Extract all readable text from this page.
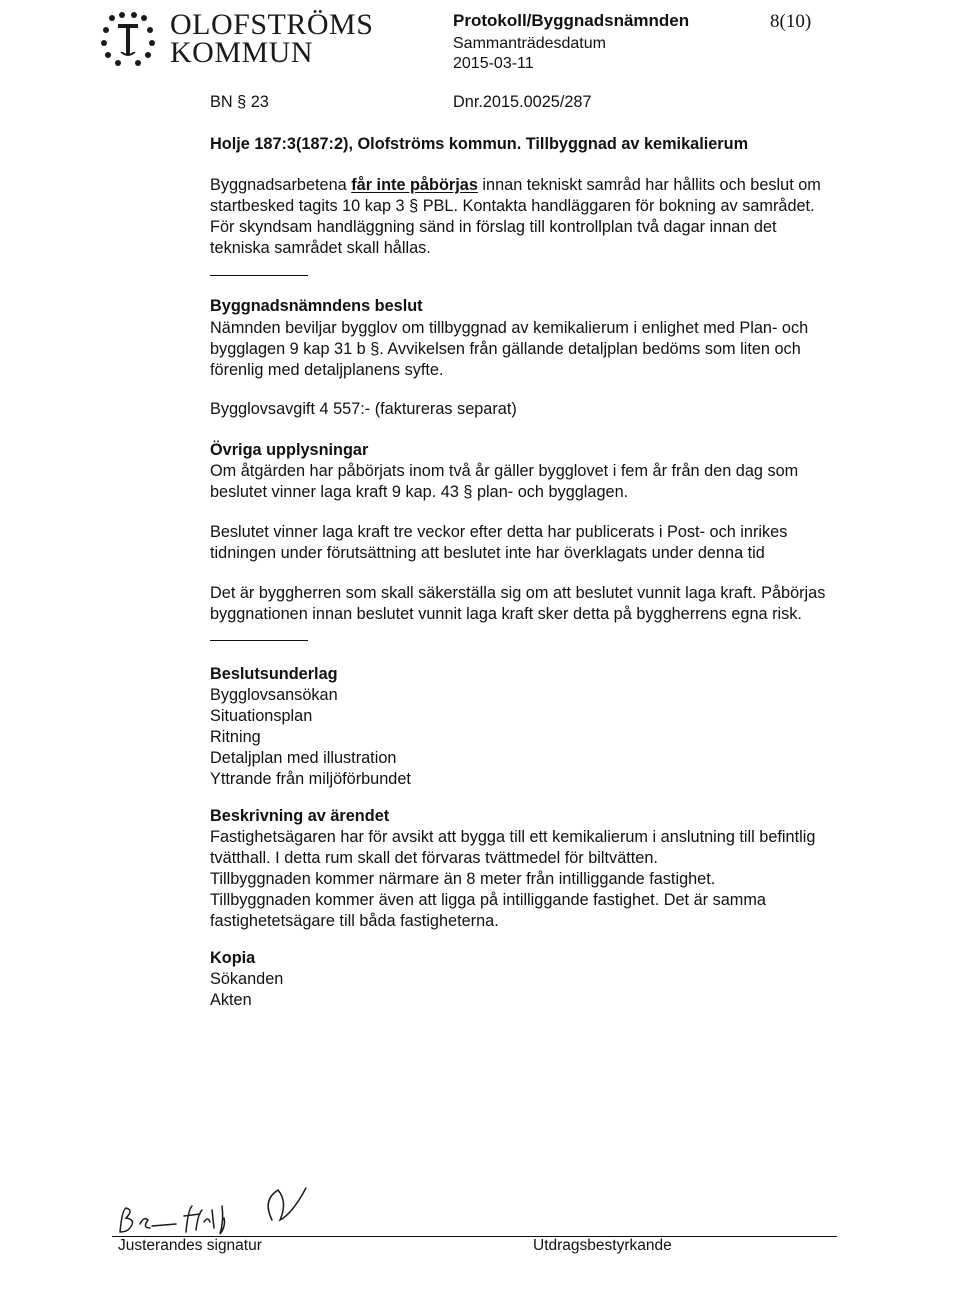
OLOFSTRÖMS
KOMMUN
Protokoll/Byggnadsnämnden
Sammanträdesdatum
2015-03-11
8(10)
BN § 23	Dnr.2015.0025/287
Holje 187:3(187:2), Olofströms kommun. Tillbyggnad av kemikalierum
Byggnadsarbetena får inte påbörjas innan tekniskt samråd har hållits och beslut om
startbesked tagits 10 kap 3 § PBL. Kontakta handläggaren för bokning av samrådet.
För skyndsam handläggning sänd in förslag till kontrollplan två dagar innan det
tekniska samrådet skall hållas.
Byggnadsnämndens beslut
Nämnden beviljar bygglov om tillbyggnad av kemikalierum i enlighet med Plan- och
bygglagen 9 kap 31 b §. Avvikelsen från gällande detaljplan bedöms som liten och
förenlig med detaljplanens syfte.
Bygglovsavgift 4 557:- (faktureras separat)
Övriga upplysningar
Om åtgärden har påbörjats inom två år gäller bygglovet i fem år från den dag som
beslutet vinner laga kraft 9 kap. 43 § plan- och bygglagen.
Beslutet vinner laga kraft tre veckor efter detta har publicerats i Post- och inrikes
tidningen under förutsättning att beslutet inte har överklagats under denna tid
Det är byggherren som skall säkerställa sig om att beslutet vunnit laga kraft. Påbörjas
byggnationen innan beslutet vunnit laga kraft sker detta på byggherrens egna risk.
Beslutsunderlag
Bygglovsansökan
Situationsplan
Ritning
Detaljplan med illustration
Yttrande från miljöförbundet
Beskrivning av ärendet
Fastighetsägaren har för avsikt att bygga till ett kemikalierum i anslutning till befintlig
tvätthall. I detta rum skall det förvaras tvättmedel för biltvätten.
Tillbyggnaden kommer närmare än 8 meter från intilliggande fastighet.
Tillbyggnaden kommer även att ligga på intilliggande fastighet. Det är samma
fastighetetsägare till båda fastigheterna.
Kopia
Sökanden
Akten
Justerandes signatur	Utdragsbestyrkande
